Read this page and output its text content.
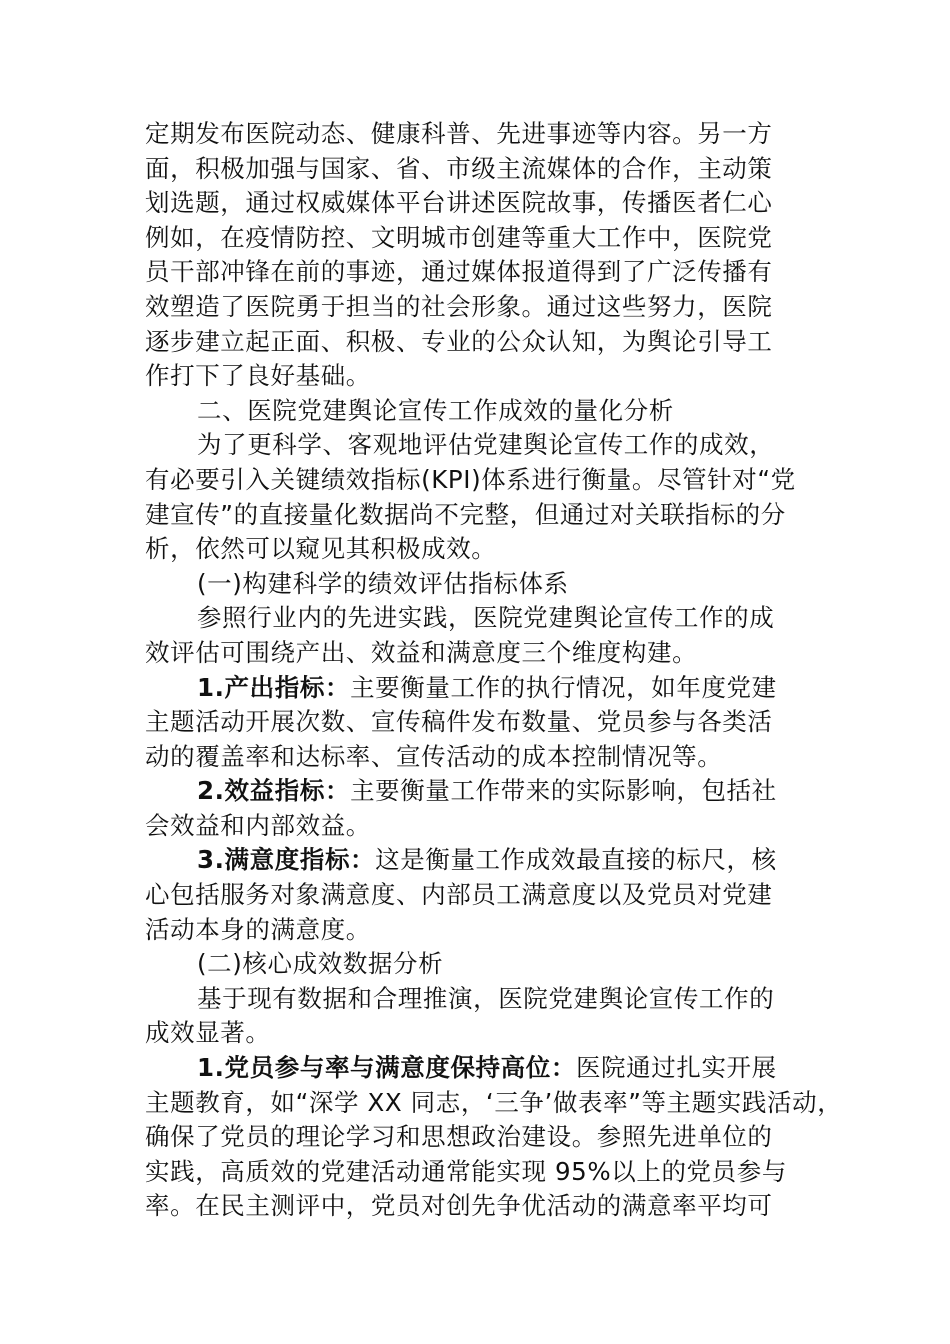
定期发布医院动态、健康科普、先进事迹等内容。另一方
面，积极加强与国家、省、市级主流媒体的合作，主动策
划选题，通过权威媒体平台讲述医院故事，传播医者仁心
例如，在疫情防控、文明城市创建等重大工作中，医院党
员干部冲锋在前的事迹，通过媒体报道得到了广泛传播有
效塑造了医院勇于担当的社会形象。通过这些努力，医院
逐步建立起正面、积极、专业的公众认知，为舆论引导工
作打下了良好基础。
二、医院党建舆论宣传工作成效的量化分析
为了更科学、客观地评估党建舆论宣传工作的成效，
有必要引入关键绩效指标(KPI)体系进行衡量。尽管针对“党
建宣传”的直接量化数据尚不完整，但通过对关联指标的分
析，依然可以窥见其积极成效。
(一)构建科学的绩效评估指标体系
参照行业内的先进实践，医院党建舆论宣传工作的成
效评估可围绕产出、效益和满意度三个维度构建。
1.产出指标：主要衡量工作的执行情况，如年度党建
主题活动开展次数、宣传稿件发布数量、党员参与各类活
动的覆盖率和达标率、宣传活动的成本控制情况等。
2.效益指标：主要衡量工作带来的实际影响，包括社
会效益和内部效益。
3.满意度指标：这是衡量工作成效最直接的标尺，核
心包括服务对象满意度、内部员工满意度以及党员对党建
活动本身的满意度。
(二)核心成效数据分析
基于现有数据和合理推演，医院党建舆论宣传工作的
成效显著。
1.党员参与率与满意度保持高位：医院通过扎实开展
主题教育，如“深学 XX 同志，‘三争’做表率”等主题实践活动，
确保了党员的理论学习和思想政治建设。参照先进单位的
实践，高质效的党建活动通常能实现 95%以上的党员参与
率。在民主测评中，党员对创先争优活动的满意率平均可
